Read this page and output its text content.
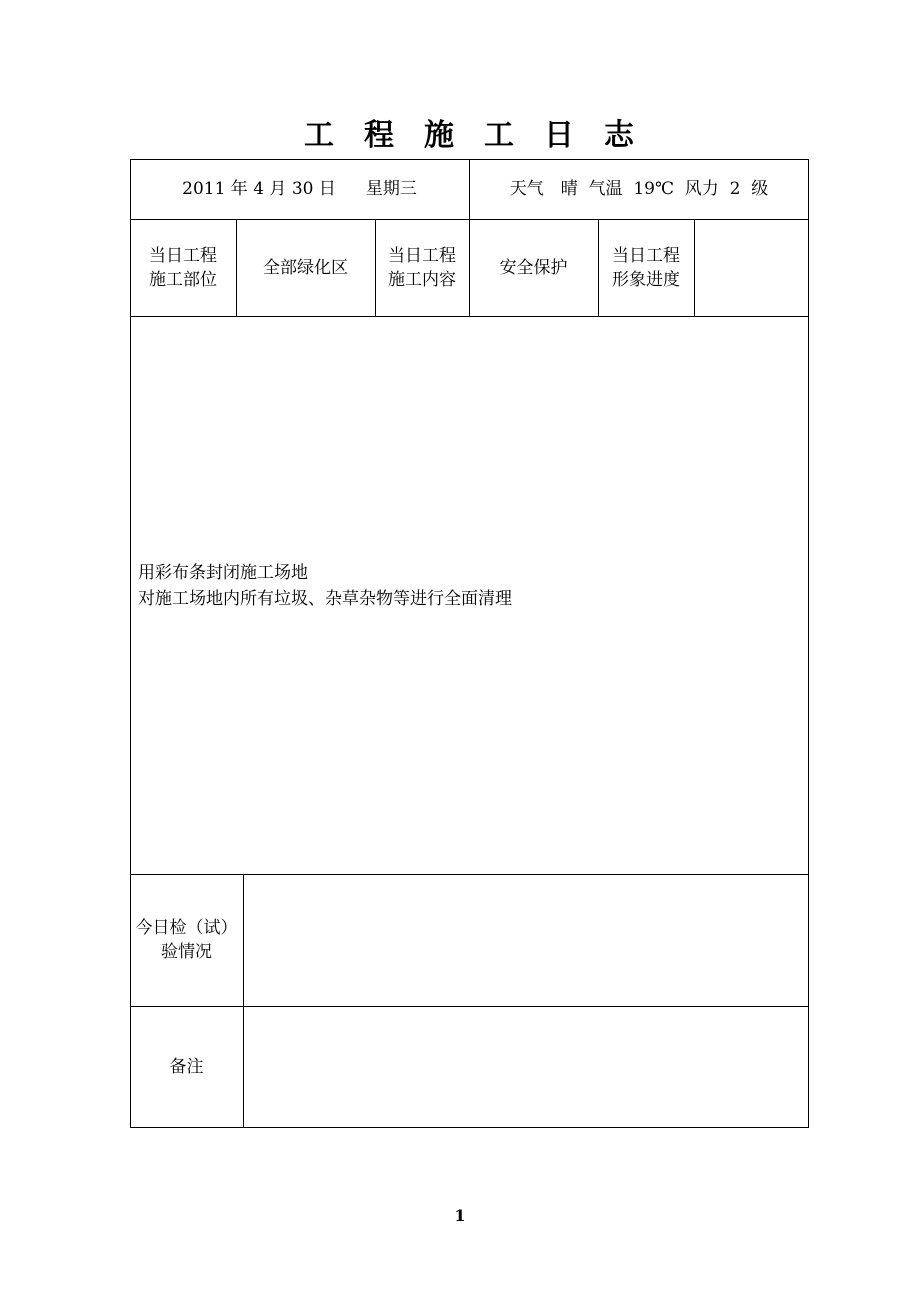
工程施工日志
2011 年 4 月 30 日 星期三	天气　晴  气温  19℃  风力  2  级
当日工程
施工部位
全部绿化区
当日工程
施工内容
安全保护
当日工程
形象进度
用彩布条封闭施工场地
对施工场地内所有垃圾、杂草杂物等进行全面清理
今日检（试）
验情况
备注
1
